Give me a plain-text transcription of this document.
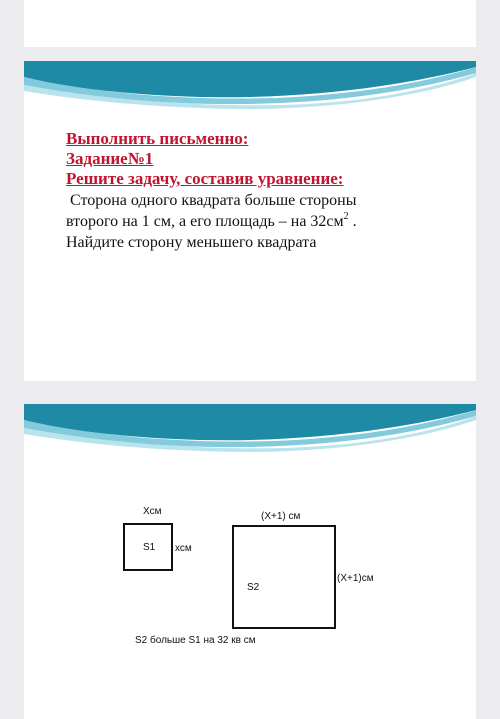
Выполнить письменно:

Задание№1

Решите задачу, составив уравнение:

Сторона одного квадрата больше стороны
второго на 1 см, а его площадь – на $32см^2$ .
Найдите сторону меньшего квадрата
Хсм
S1 хсм
(X+1) см
S2
(X+1)см
S2 больше S1 на 32 кв см
